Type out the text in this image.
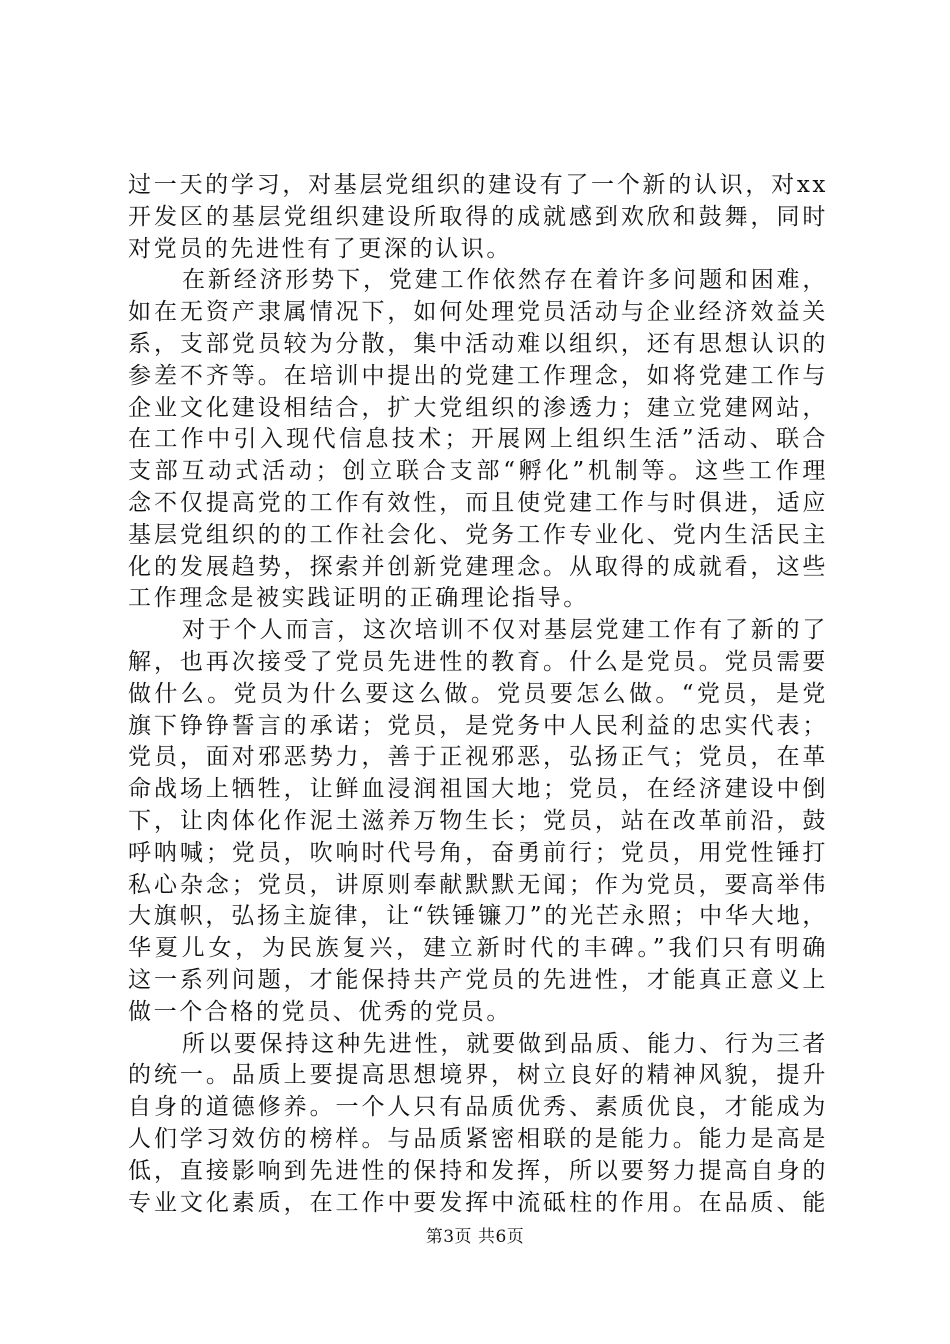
过一天的学习，对基层党组织的建设有了一个新的认识，对xx
开发区的基层党组织建设所取得的成就感到欢欣和鼓舞，同时
对党员的先进性有了更深的认识。
在新经济形势下，党建工作依然存在着许多问题和困难，
如在无资产隶属情况下，如何处理党员活动与企业经济效益关
系，支部党员较为分散，集中活动难以组织，还有思想认识的
参差不齐等。在培训中提出的党建工作理念，如将党建工作与
企业文化建设相结合，扩大党组织的渗透力；建立党建网站，
在工作中引入现代信息技术；开展网上组织生活”活动、联合
支部互动式活动；创立联合支部“孵化”机制等。这些工作理
念不仅提高党的工作有效性，而且使党建工作与时俱进，适应
基层党组织的的工作社会化、党务工作专业化、党内生活民主
化的发展趋势，探索并创新党建理念。从取得的成就看，这些
工作理念是被实践证明的正确理论指导。
对于个人而言，这次培训不仅对基层党建工作有了新的了
解，也再次接受了党员先进性的教育。什么是党员。党员需要
做什么。党员为什么要这么做。党员要怎么做。“党员，是党
旗下铮铮誓言的承诺；党员，是党务中人民利益的忠实代表；
党员，面对邪恶势力，善于正视邪恶，弘扬正气；党员，在革
命战场上牺牲，让鲜血浸润祖国大地；党员，在经济建设中倒
下，让肉体化作泥土滋养万物生长；党员，站在改革前沿，鼓
呼呐喊；党员，吹响时代号角，奋勇前行；党员，用党性锤打
私心杂念；党员，讲原则奉献默默无闻；作为党员，要高举伟
大旗帜，弘扬主旋律，让“铁锤镰刀”的光芒永照；中华大地，
华夏儿女，为民族复兴，建立新时代的丰碑。”我们只有明确
这一系列问题，才能保持共产党员的先进性，才能真正意义上
做一个合格的党员、优秀的党员。
所以要保持这种先进性，就要做到品质、能力、行为三者
的统一。品质上要提高思想境界，树立良好的精神风貌，提升
自身的道德修养。一个人只有品质优秀、素质优良，才能成为
人们学习效仿的榜样。与品质紧密相联的是能力。能力是高是
低，直接影响到先进性的保持和发挥，所以要努力提高自身的
专业文化素质，在工作中要发挥中流砥柱的作用。在品质、能
第3页 共6页
